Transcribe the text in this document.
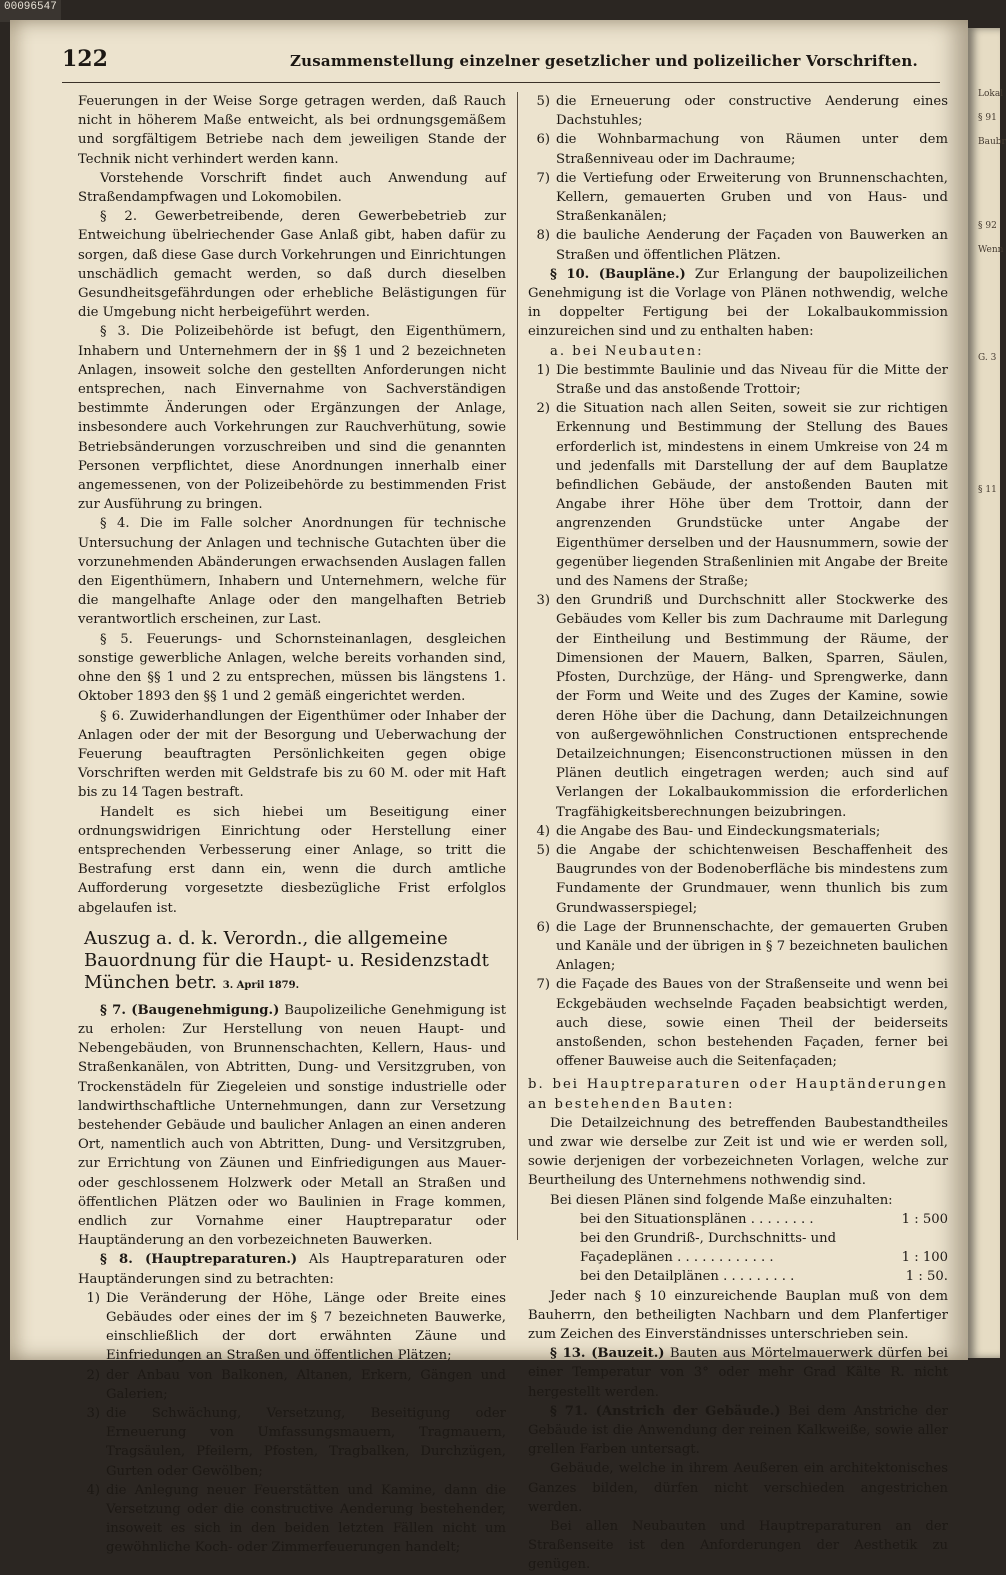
00096547
Lokal

§ 91

Baubr

§ 92

Wenn

G. 3

§ 11
122	Zusammenstellung einzelner gesetzlicher und polizeilicher Vorschriften.

Feuerungen in der Weise Sorge getragen werden, daß Rauch nicht in höherem Maße entweicht, als bei ordnungsgemäßem und sorgfältigem Betriebe nach dem jeweiligen Stande der Technik nicht verhindert werden kann.

Vorstehende Vorschrift findet auch Anwendung auf Straßendampfwagen und Lokomobilen.

§ 2. Gewerbetreibende, deren Gewerbebetrieb zur Entweichung übelriechender Gase Anlaß gibt, haben dafür zu sorgen, daß diese Gase durch Vorkehrungen und Einrichtungen unschädlich gemacht werden, so daß durch dieselben Gesundheitsgefährdungen oder erhebliche Belästigungen für die Umgebung nicht herbeigeführt werden.

§ 3. Die Polizeibehörde ist befugt, den Eigenthümern, Inhabern und Unternehmern der in §§ 1 und 2 bezeichneten Anlagen, insoweit solche den gestellten Anforderungen nicht entsprechen, nach Einvernahme von Sachverständigen bestimmte Änderungen oder Ergänzungen der Anlage, insbesondere auch Vorkehrungen zur Rauchverhütung, sowie Betriebsänderungen vorzuschreiben und sind die genannten Personen verpflichtet, diese Anordnungen innerhalb einer angemessenen, von der Polizeibehörde zu bestimmenden Frist zur Ausführung zu bringen.

§ 4. Die im Falle solcher Anordnungen für technische Untersuchung der Anlagen und technische Gutachten über die vorzunehmenden Abänderungen erwachsenden Auslagen fallen den Eigenthümern, Inhabern und Unternehmern, welche für die mangelhafte Anlage oder den mangelhaften Betrieb verantwortlich erscheinen, zur Last.

§ 5. Feuerungs- und Schornsteinanlagen, desgleichen sonstige gewerbliche Anlagen, welche bereits vorhanden sind, ohne den §§ 1 und 2 zu entsprechen, müssen bis längstens 1. Oktober 1893 den §§ 1 und 2 gemäß eingerichtet werden.

§ 6. Zuwiderhandlungen der Eigenthümer oder Inhaber der Anlagen oder der mit der Besorgung und Ueberwachung der Feuerung beauftragten Persönlichkeiten gegen obige Vorschriften werden mit Geldstrafe bis zu 60 M. oder mit Haft bis zu 14 Tagen bestraft.

Handelt es sich hiebei um Beseitigung einer ordnungswidrigen Einrichtung oder Herstellung einer entsprechenden Verbesserung einer Anlage, so tritt die Bestrafung erst dann ein, wenn die durch amtliche Aufforderung vorgesetzte diesbezügliche Frist erfolglos abgelaufen ist.

Auszug a. d. k. Verordn., die allgemeine Bauordnung für die Haupt- u. Residenzstadt München betr. 3. April 1879.

§ 7. (Baugenehmigung.) Baupolizeiliche Genehmigung ist zu erholen: Zur Herstellung von neuen Haupt- und Nebengebäuden, von Brunnenschachten, Kellern, Haus- und Straßenkanälen, von Abtritten, Dung- und Versitzgruben, von Trockenstädeln für Ziegeleien und sonstige industrielle oder landwirthschaftliche Unternehmungen, dann zur Versetzung bestehender Gebäude und baulicher Anlagen an einen anderen Ort, namentlich auch von Abtritten, Dung- und Versitzgruben, zur Errichtung von Zäunen und Einfriedigungen aus Mauer- oder geschlossenem Holzwerk oder Metall an Straßen und öffentlichen Plätzen oder wo Baulinien in Frage kommen, endlich zur Vornahme einer Hauptreparatur oder Hauptänderung an den vorbezeichneten Bauwerken.

§ 8. (Hauptreparaturen.) Als Hauptreparaturen oder Hauptänderungen sind zu betrachten:

1) Die Veränderung der Höhe, Länge oder Breite eines Gebäudes oder eines der im § 7 bezeichneten Bauwerke, einschließlich der dort erwähnten Zäune und Einfriedungen an Straßen und öffentlichen Plätzen;
2) der Anbau von Balkonen, Altanen, Erkern, Gängen und Galerien;
3) die Schwächung, Versetzung, Beseitigung oder Erneuerung von Umfassungsmauern, Tragmauern, Tragsäulen, Pfeilern, Pfosten, Tragbalken, Durchzügen, Gurten oder Gewölben;
4) die Anlegung neuer Feuerstätten und Kamine, dann die Versetzung oder die constructive Aenderung bestehender, insoweit es sich in den beiden letzten Fällen nicht um gewöhnliche Koch- oder Zimmerfeuerungen handelt;
5) die Erneuerung oder constructive Aenderung eines Dachstuhles;
6) die Wohnbarmachung von Räumen unter dem Straßenniveau oder im Dachraume;
7) die Vertiefung oder Erweiterung von Brunnenschachten, Kellern, gemauerten Gruben und von Haus- und Straßenkanälen;
8) die bauliche Aenderung der Façaden von Bauwerken an Straßen und öffentlichen Plätzen.

§ 10. (Baupläne.) Zur Erlangung der baupolizeilichen Genehmigung ist die Vorlage von Plänen nothwendig, welche in doppelter Fertigung bei der Lokalbaukommission einzureichen sind und zu enthalten haben:

a. bei Neubauten:

1) Die bestimmte Baulinie und das Niveau für die Mitte der Straße und das anstoßende Trottoir;
2) die Situation nach allen Seiten, soweit sie zur richtigen Erkennung und Bestimmung der Stellung des Baues erforderlich ist, mindestens in einem Umkreise von 24 m und jedenfalls mit Darstellung der auf dem Bauplatze befindlichen Gebäude, der anstoßenden Bauten mit Angabe ihrer Höhe über dem Trottoir, dann der angrenzenden Grundstücke unter Angabe der Eigenthümer derselben und der Hausnummern, sowie der gegenüber liegenden Straßenlinien mit Angabe der Breite und des Namens der Straße;
3) den Grundriß und Durchschnitt aller Stockwerke des Gebäudes vom Keller bis zum Dachraume mit Darlegung der Eintheilung und Bestimmung der Räume, der Dimensionen der Mauern, Balken, Sparren, Säulen, Pfosten, Durchzüge, der Häng- und Sprengwerke, dann der Form und Weite und des Zuges der Kamine, sowie deren Höhe über die Dachung, dann Detailzeichnungen von außergewöhnlichen Constructionen entsprechende Detailzeichnungen; Eisenconstructionen müssen in den Plänen deutlich eingetragen werden; auch sind auf Verlangen der Lokalbaukommission die erforderlichen Tragfähigkeitsberechnungen beizubringen.
4) die Angabe des Bau- und Eindeckungsmaterials;
5) die Angabe der schichtenweisen Beschaffenheit des Baugrundes von der Bodenoberfläche bis mindestens zum Fundamente der Grundmauer, wenn thunlich bis zum Grundwasserspiegel;
6) die Lage der Brunnenschachte, der gemauerten Gruben und Kanäle und der übrigen in § 7 bezeichneten baulichen Anlagen;
7) die Façade des Baues von der Straßenseite und wenn bei Eckgebäuden wechselnde Façaden beabsichtigt werden, auch diese, sowie einen Theil der beiderseits anstoßenden, schon bestehenden Façaden, ferner bei offener Bauweise auch die Seitenfaçaden;

b. bei Hauptreparaturen oder Hauptänderungen an bestehenden Bauten:

Die Detailzeichnung des betreffenden Baubestandtheiles und zwar wie derselbe zur Zeit ist und wie er werden soll, sowie derjenigen der vorbezeichneten Vorlagen, welche zur Beurtheilung des Unternehmens nothwendig sind.

Bei diesen Plänen sind folgende Maße einzuhalten:

bei den Situationsplänen . . . . . . . .	1 : 500
bei den Grundriß-, Durchschnitts- und
Façadeplänen . . . . . . . . . . . .	1 : 100
bei den Detailplänen . . . . . . . . .	1 : 50.

Jeder nach § 10 einzureichende Bauplan muß von dem Bauherrn, den betheiligten Nachbarn und dem Planfertiger zum Zeichen des Einverständnisses unterschrieben sein.

§ 13. (Bauzeit.) Bauten aus Mörtelmauerwerk dürfen bei einer Temperatur von 3° oder mehr Grad Kälte R. nicht hergestellt werden.

§ 71. (Anstrich der Gebäude.) Bei dem Anstriche der Gebäude ist die Anwendung der reinen Kalkweiße, sowie aller grellen Farben untersagt.

Gebäude, welche in ihrem Aeußeren ein architektonisches Ganzes bilden, dürfen nicht verschieden angestrichen werden.

Bei allen Neubauten und Hauptreparaturen an der Straßenseite ist den Anforderungen der Aesthetik zu genügen.
